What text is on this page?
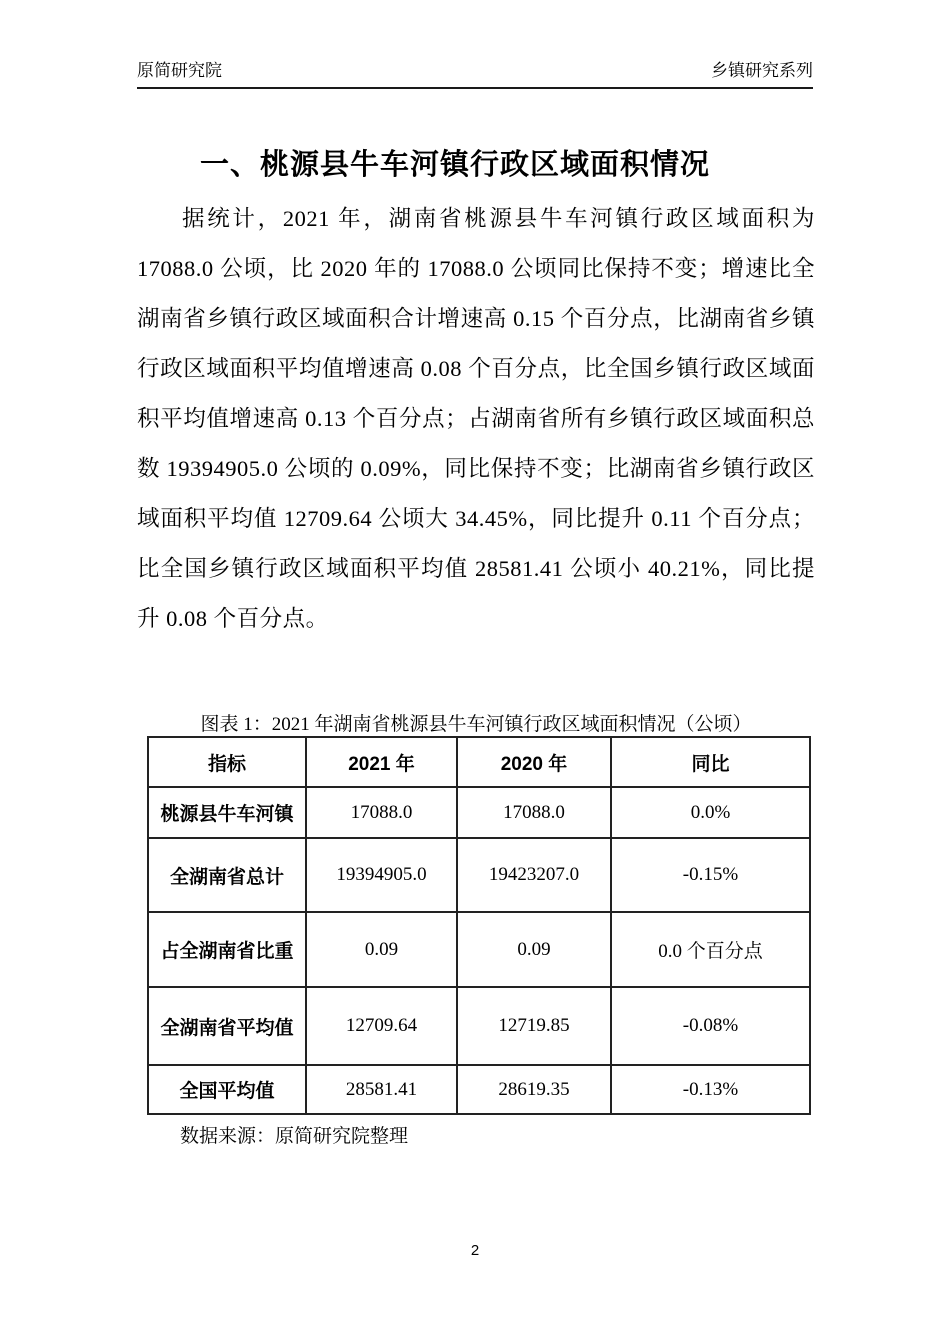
原简研究院	乡镇研究系列
一、桃源县牛车河镇行政区域面积情况

据统计，2021 年，湖南省桃源县牛车河镇行政区域面积为 17088.0 公顷，比 2020 年的 17088.0 公顷同比保持不变；增速比全湖南省乡镇行政区域面积合计增速高 0.15 个百分点，比湖南省乡镇行政区域面积平均值增速高 0.08 个百分点，比全国乡镇行政区域面积平均值增速高 0.13 个百分点；占湖南省所有乡镇行政区域面积总数 19394905.0 公顷的 0.09%，同比保持不变；比湖南省乡镇行政区域面积平均值 12709.64 公顷大 34.45%，同比提升 0.11 个百分点；比全国乡镇行政区域面积平均值 28581.41 公顷小 40.21%，同比提升 0.08 个百分点。

图表 1：2021 年湖南省桃源县牛车河镇行政区域面积情况（公顷）
指标	2021 年	2020 年	同比
桃源县牛车河镇	17088.0	17088.0	0.0%
全湖南省总计	19394905.0	19423207.0	-0.15%
占全湖南省比重	0.09	0.09	0.0 个百分点
全湖南省平均值	12709.64	12719.85	-0.08%
全国平均值	28581.41	28619.35	-0.13%
数据来源：原简研究院整理
2
